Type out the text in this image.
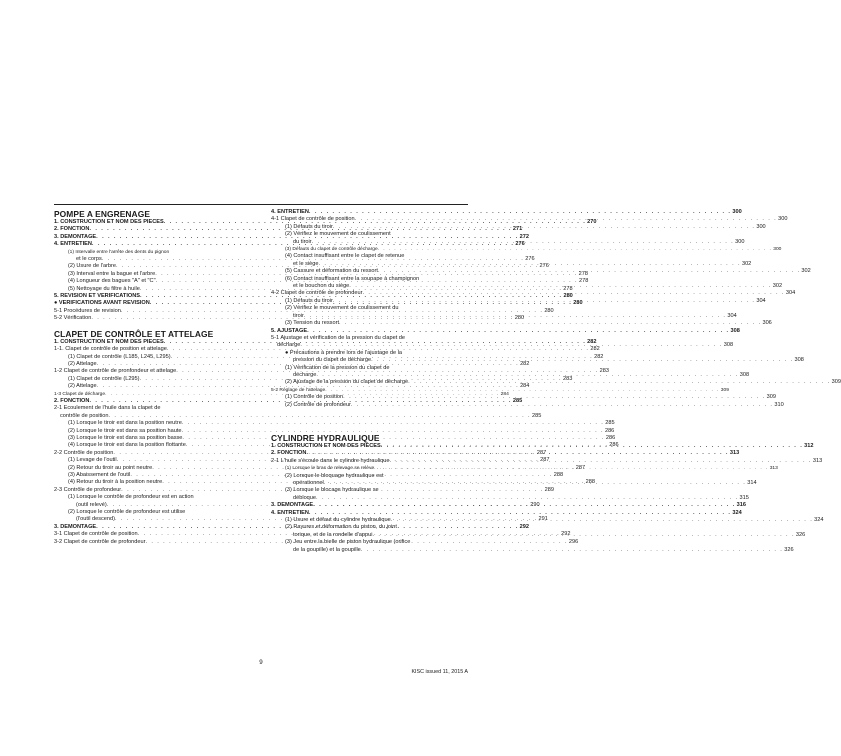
POMPE A ENGRENAGE
1. CONSTRUCTION ET NOM DES PIECES . . .	270
2. FONCTION . . .	271
3. DEMONTAGE . . .	272
4. ENTRETIEN . . .	276
(1) Intervalle entre l'arrête des dents du pignon
et le corps . . .	276
(2) Usure de l'arbre . . .	276
(3) Interval entre la bague et l'arbre . . .	278
(4) Longueur des bagues "A" et "C" . . .	278
(5) Nettoyage du filtre à huile . . .	278
5. REVISION ET VERIFICATIONS . . .	280
● VERIFICATIONS AVANT REVISION . . .	280
5-1 Procédures de revision . . .	280
5-2 Vérification . . .	280
CLAPET DE CONTRÔLE ET ATTELAGE
1. CONSTRUCTION ET NOM DES PIECES . . .	282
1-1. Clapet de contrôle de position et attelage . . .	282
(1) Clapet de contrôle (L185, L245, L295) . . .	282
(2) Attelage . . .	282
1-2 Clapet de contrôle de pronfondeur et attelage . . .	283
(1) Clapet de contrôle (L295) . . .	283
(2) Attelage . . .	284
1-3 Clapet de décharge . . .	284
2. FONCTION . . .	285
2-1 Ecoulement de l'huile dans la clapet de
contrôle de position . . .	285
(1) Lorsque le tiroir est dans la position neutre . . .	285
(2) Lorsque le tiroir est dans sa position haute . . .	286
(3) Lorsque le tiroir est dans sa position basse . . .	286
(4) Lorsque le tiroir est dans la position flottante . . .	286
2-2 Contrôle de position . . .	287
(1) Levage de l'outil . . .	287
(2) Retour du tiroir au point neutre . . .	287
(3) Abaissement de l'outil . . .	288
(4) Retour du tiroir à la position neutre . . .	288
2-3 Contrôle de profondeur . . .	289
(1) Lorsque le contrôle de profondeur est en action
(outil relevé) . . .	290
(2) Lorsque le contrôle de profondeur est utilise
(l'outil descend) . . .	291
3. DEMONTAGE . . .	292
3-1 Clapet de contrôle de position . . .	292
3-2 Clapet de contrôle de profondeur . . .	296
4. ENTRETIEN . . .	300
4-1 Clapet de contrôle de position . . .	300
(1) Défauts du tiroir . . .	300
(2) Vérifiez le mouvement de coulissement
du tiroir . . .	300
(3) Défauts du clapet de contrôle décharge . . .	300
(4) Contact insuffisant entre le clapet de retenue
et le siège . . .	302
(5) Cassure et déformation du ressort . . .	302
(6) Contact insuffisant entre la soupape à champignon
et le bouchon du siège . . .	302
4-2 Clapet de contrôle de profondeur . . .	304
(1) Défauts du tiroir . . .	304
(2) Vérifiez le mouvement de coulissement du
tiroir . . .	304
(3) Tension du ressort . . .	306
5. AJUSTAGE . . .	308
5-1 Ajustage et vérification de la pression du clapet de
décharge . . .	308
● Précautions à prendre lors de l'ajustage de la
pression du clapet de décharge . . .	308
(1) Vérification de la pression du clapet de
décharge . . .	308
(2) Ajustage de la pression du clapet de décharge . . .	309
5-2 Réglage de l'attelage . . .	309
(1) Contrôle de position . . .	309
(2) Contrôle de profondeur . . .	310
CYLINDRE HYDRAULIQUE
1. CONSTRUCTION ET NOM DES PIÈCES . . .	312
2. FONCTION . . .	313
2-1 L'huile s'écoule dans le cylindre hydraulique . . .	313
(1) Lorsque le bras de relevage se relève . . .	313
(2) Lorsque le bloquage hydraulique est
opérationnel . . .	314
(3) Lorsque le blocage hydraulique se
débloque . . .	315
3. DEMONTAGE . . .	316
4. ENTRETIEN . . .	324
(1) Usure et défaut du cylindre hydraulique . . .	324
(2) Rayures et déformation du piston, du joint
torique, et de la rondelle d'appui . . .	326
(3) Jeu entre la bielle de piston hydraulique (orifice
de la goupille) et la goupille . . .	326
9
KISC issued 11, 2015 A
